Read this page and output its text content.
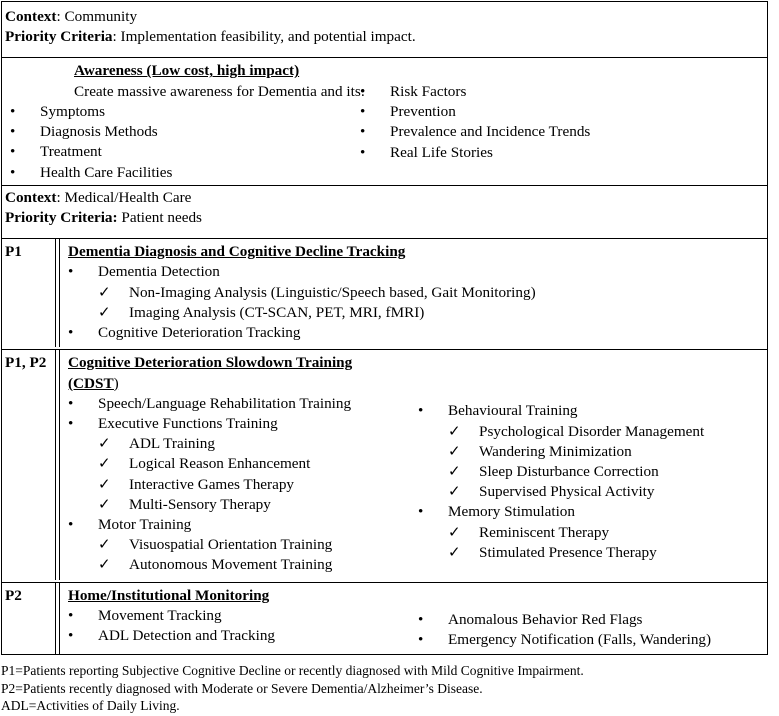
Context: Community
Priority Criteria: Implementation feasibility, and potential impact.
Awareness (Low cost, high impact)
Create massive awareness for Dementia and its:
• Symptoms
• Diagnosis Methods
• Treatment
• Health Care Facilities
• Risk Factors
• Prevention
• Prevalence and Incidence Trends
• Real Life Stories
Context: Medical/Health Care
Priority Criteria: Patient needs
P1	Dementia Diagnosis and Cognitive Decline Tracking
• Dementia Detection
✓ Non-Imaging Analysis (Linguistic/Speech based, Gait Monitoring)
✓ Imaging Analysis (CT-SCAN, PET, MRI, fMRI)
• Cognitive Deterioration Tracking
P1, P2	Cognitive Deterioration Slowdown Training
(CDST)
• Speech/Language Rehabilitation Training
• Executive Functions Training
✓ ADL Training
✓ Logical Reason Enhancement
✓ Interactive Games Therapy
✓ Multi-Sensory Therapy
• Motor Training
✓ Visuospatial Orientation Training
✓ Autonomous Movement Training
• Behavioural Training
✓ Psychological Disorder Management
✓ Wandering Minimization
✓ Sleep Disturbance Correction
✓ Supervised Physical Activity
• Memory Stimulation
✓ Reminiscent Therapy
✓ Stimulated Presence Therapy
P2	Home/Institutional Monitoring
• Movement Tracking
• ADL Detection and Tracking
• Anomalous Behavior Red Flags
• Emergency Notification (Falls, Wandering)
P1=Patients reporting Subjective Cognitive Decline or recently diagnosed with Mild Cognitive Impairment.
P2=Patients recently diagnosed with Moderate or Severe Dementia/Alzheimer’s Disease.
ADL=Activities of Daily Living.
